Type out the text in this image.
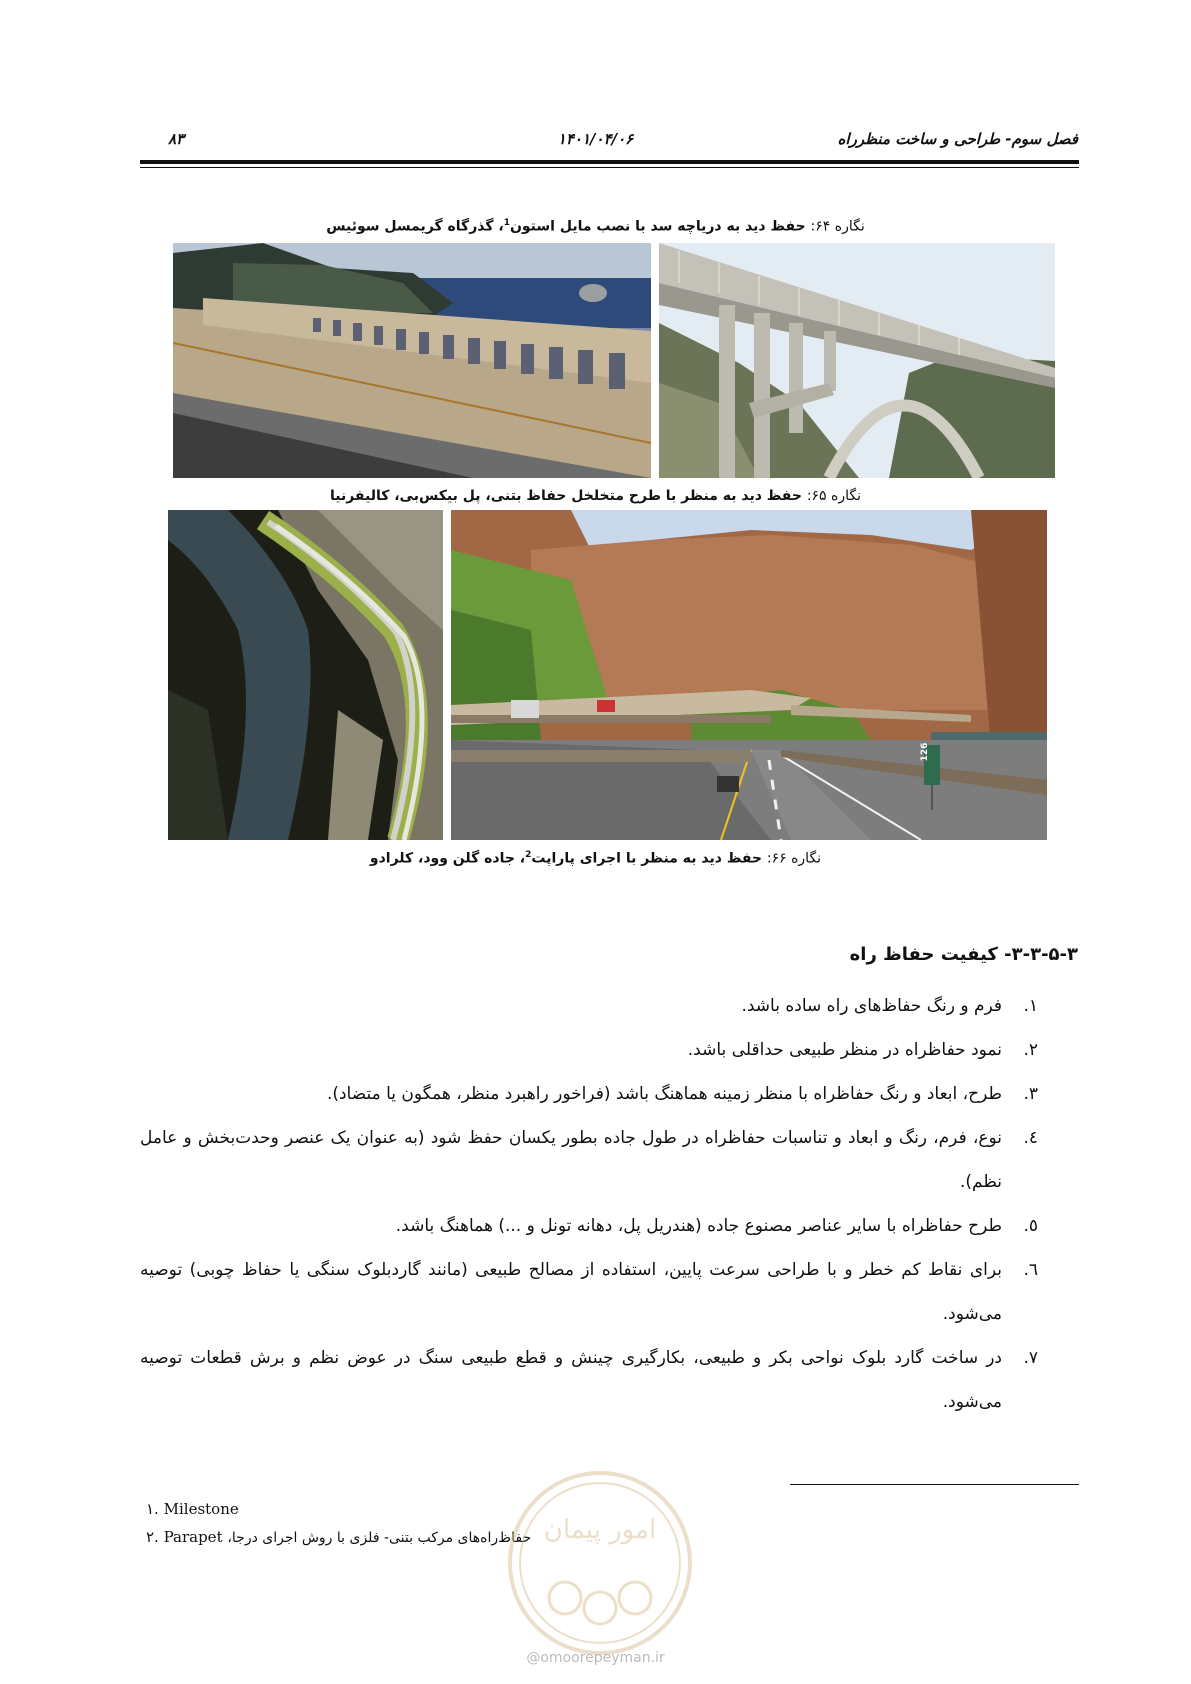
فصل سوم- طراحی و ساخت منظرراه
۱۴۰۱/۰۴/۰۶
۸۳
نگاره ۶۴: حفظ دید به دریاچه سد با نصب مایل استون$^1$، گذرگاه گریمسل سوئیس
نگاره ۶۵: حفظ دید به منظر با طرح متخلخل حفاظ بتنی، پل بیکس‌بی، کالیفرنیا
126
نگاره ۶۶: حفظ دید به منظر با اجرای پاراپت$^2$، جاده گلن وود، کلرادو
۳-۳-۵-۳- کیفیت حفاظ راه
۱.
فرم و رنگ حفاظ‌های راه ساده باشد.
۲.
نمود حفاظراه در منظر طبیعی حداقلی باشد.
۳.
طرح، ابعاد و رنگ حفاظراه با منظر زمینه هماهنگ باشد (فراخور راهبرد منظر، همگون یا متضاد).
٤.
نوع، فرم، رنگ و ابعاد و تناسبات حفاظراه در طول جاده بطور یکسان حفظ شود (به عنوان یک عنصر وحدت‌بخش و عامل نظم).
٥.
طرح حفاظراه با سایر عناصر مصنوع جاده (هندریل پل، دهانه تونل و ...) هماهنگ باشد.
٦.
برای نقاط کم خطر و با طراحی سرعت پایین، استفاده از مصالح طبیعی (مانند گاردبلوک سنگی یا حفاظ چوبی) توصیه می‌شود.
٧.
در ساخت گارد بلوک نواحی بکر و طبیعی، بکارگیری چینش و قطع طبیعی سنگ در عوض نظم و برش قطعات توصیه می‌شود.
۱. Milestone
۲. Parapet حفاظ‌راه‌های مرکب بتنی- فلزی با روش اجرای درجا، امور پیمان
@omoorepeyman.ir
